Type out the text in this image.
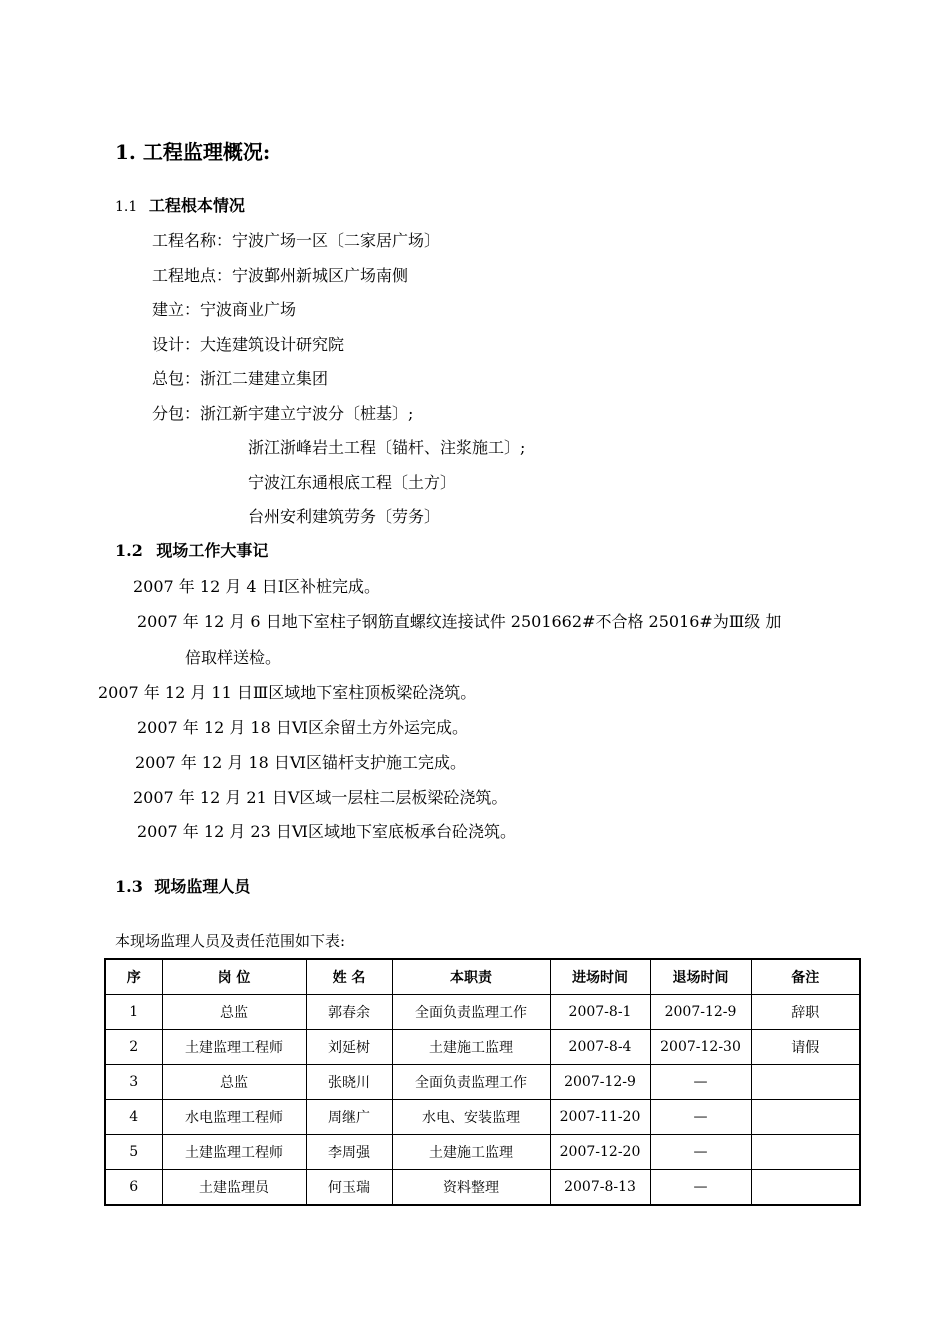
1. 工程监理概况:
1.1 工程根本情况
工程名称：宁波广场一区〔二家居广场〕
工程地点：宁波鄞州新城区广场南侧
建立：宁波商业广场
设计：大连建筑设计研究院
总包：浙江二建建立集团
分包：浙江新宇建立宁波分〔桩基〕;
浙江浙峰岩土工程〔锚杆、注浆施工〕;
宁波江东通根底工程〔土方〕
台州安利建筑劳务〔劳务〕
1.2 现场工作大事记
2007 年 12 月 4 日Ⅰ区补桩完成。
2007 年 12 月 6 日地下室柱子钢筋直螺纹连接试件 2501662#不合格 25016#为Ⅲ级 加
倍取样送检。
2007 年 12 月 11 日Ⅲ区域地下室柱顶板梁砼浇筑。
2007 年 12 月 18 日Ⅵ区余留土方外运完成。
2007 年 12 月 18 日Ⅵ区锚杆支护施工完成。
2007 年 12 月 21 日Ⅴ区域一层柱二层板梁砼浇筑。
2007 年 12 月 23 日Ⅵ区域地下室底板承台砼浇筑。
1.3 现场监理人员
本现场监理人员及责任范围如下表:
序	岗 位	姓 名	本职责	进场时间	退场时间	备注
1	总监	郭春余	全面负责监理工作	2007-8-1	2007-12-9	辞职
2	土建监理工程师	刘延树	土建施工监理	2007-8-4	2007-12-30	请假
3	总监	张晓川	全面负责监理工作	2007-12-9	—	
4	水电监理工程师	周继广	水电、安装监理	2007-11-20	—	
5	土建监理工程师	李周强	土建施工监理	2007-12-20	—	
6	土建监理员	何玉瑞	资料整理	2007-8-13	—	
